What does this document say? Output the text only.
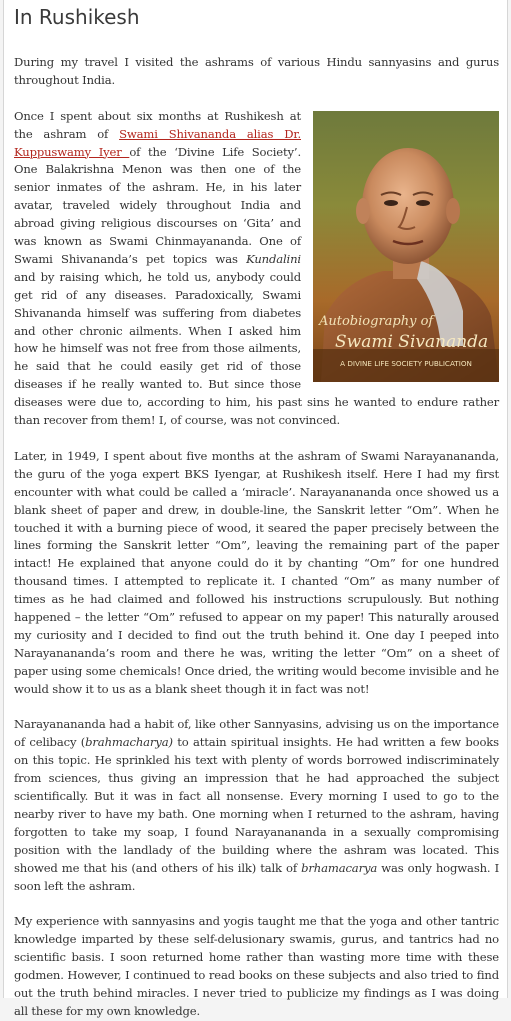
In Rushikesh

During my travel I visited the ashrams of various Hindu sannyasins and gurus throughout India.

Autobiography of
Swami Sivananda
A DIVINE LIFE SOCIETY PUBLICATION

Once I spent about six months at Rushikesh at the ashram of Swami Shivananda alias Dr. Kuppuswamy Iyer of the ‘Divine Life Society’. One Balakrishna Menon was then one of the senior inmates of the ashram. He, in his later avatar, traveled widely throughout India and abroad giving religious discourses on ‘Gita’ and was known as Swami Chinmayananda. One of Swami Shivananda’s pet topics was Kundalini and by raising which, he told us, anybody could get rid of any diseases. Paradoxically, Swami Shivananda himself was suffering from diabetes and other chronic ailments. When I asked him how he himself was not free from those ailments, he said that he could easily get rid of those diseases if he really wanted to. But since those diseases were due to, according to him, his past sins he wanted to endure rather than recover from them! I, of course, was not convinced.

Later, in 1949, I spent about five months at the ashram of Swami Narayanananda, the guru of the yoga expert BKS Iyengar, at Rushikesh itself. Here I had my first encounter with what could be called a ‘miracle’. Narayanananda once showed us a blank sheet of paper and drew, in double-line, the Sanskrit letter “Om”. When he touched it with a burning piece of wood, it seared the paper precisely between the lines forming the Sanskrit letter “Om”, leaving the remaining part of the paper intact! He explained that anyone could do it by chanting “Om” for one hundred thousand times. I attempted to replicate it. I chanted “Om” as many number of times as he had claimed and followed his instructions scrupulously. But nothing happened – the letter “Om” refused to appear on my paper! This naturally aroused my curiosity and I decided to find out the truth behind it. One day I peeped into Narayanananda’s room and there he was, writing the letter “Om” on a sheet of paper using some chemicals! Once dried, the writing would become invisible and he would show it to us as a blank sheet though it in fact was not!

Narayanananda had a habit of, like other Sannyasins, advising us on the importance of celibacy (brahmacharya) to attain spiritual insights. He had written a few books on this topic. He sprinkled his text with plenty of words borrowed indiscriminately from sciences, thus giving an impression that he had approached the subject scientifically. But it was in fact all nonsense. Every morning I used to go to the nearby river to have my bath. One morning when I returned to the ashram, having forgotten to take my soap, I found Narayanananda in a sexually compromising position with the landlady of the building where the ashram was located. This showed me that his (and others of his ilk) talk of brhamacarya was only hogwash. I soon left the ashram.

My experience with sannyasins and yogis taught me that the yoga and other tantric knowledge imparted by these self-delusionary swamis, gurus, and tantrics had no scientific basis. I soon returned home rather than wasting more time with these godmen. However, I continued to read books on these subjects and also tried to find out the truth behind miracles. I never tried to publicize my findings as I was doing all these for my own knowledge.
